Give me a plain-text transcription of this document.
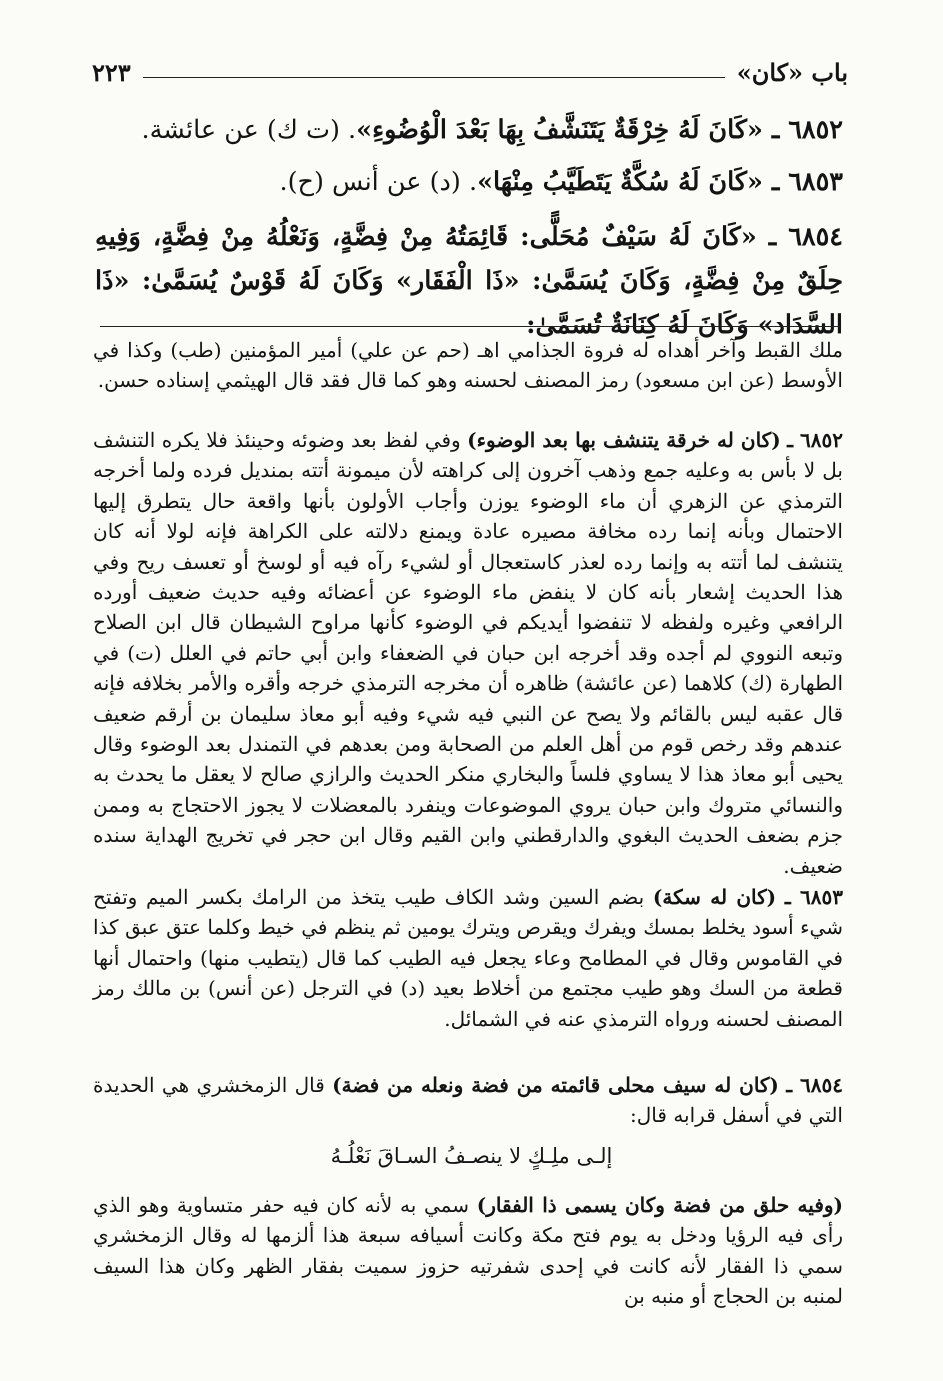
باب «كان»
٢٢٣
٦٨٥٢ ـ «كَانَ لَهُ خِرْقَةٌ يَتَنَشَّفُ بِهَا بَعْدَ الْوُضُوءِ». (ت ك) عن عائشة.
٦٨٥٣ ـ «كَانَ لَهُ سُكَّةٌ يَتَطَيَّبُ مِنْهَا». (د) عن أنس (ح).
٦٨٥٤ ـ «كَانَ لَهُ سَيْفٌ مُحَلًّى: قَائِمَتُهُ مِنْ فِضَّةٍ، وَنَعْلُهُ مِنْ فِضَّةٍ، وَفِيهِ حِلَقٌ مِنْ فِضَّةٍ، وَكَانَ يُسَمَّىٰ: «ذَا الْفَقَار» وَكَانَ لَهُ قَوْسٌ يُسَمَّىٰ: «ذَا السَّدَاد» وَكَانَ لَهُ كِنَانَةٌ تُسَمَّىٰ:

ملك القبط وآخر أهداه له فروة الجذامي اهـ (حم عن علي) أمير المؤمنين (طب) وكذا في الأوسط (عن ابن مسعود) رمز المصنف لحسنه وهو كما قال فقد قال الهيثمي إسناده حسن.

٦٨٥٢ ـ (كان له خرقة يتنشف بها بعد الوضوء) وفي لفظ بعد وضوئه وحينئذ فلا يكره التنشف بل لا بأس به وعليه جمع وذهب آخرون إلى كراهته لأن ميمونة أتته بمنديل فرده ولما أخرجه الترمذي عن الزهري أن ماء الوضوء يوزن وأجاب الأولون بأنها واقعة حال يتطرق إليها الاحتمال وبأنه إنما رده مخافة مصيره عادة ويمنع دلالته على الكراهة فإنه لولا أنه كان يتنشف لما أتته به وإنما رده لعذر كاستعجال أو لشيء رآه فيه أو لوسخ أو تعسف ريح وفي هذا الحديث إشعار بأنه كان لا ينفض ماء الوضوء عن أعضائه وفيه حديث ضعيف أورده الرافعي وغيره ولفظه لا تنفضوا أيديكم في الوضوء كأنها مراوح الشيطان قال ابن الصلاح وتبعه النووي لم أجده وقد أخرجه ابن حبان في الضعفاء وابن أبي حاتم في العلل (ت) في الطهارة (ك) كلاهما (عن عائشة) ظاهره أن مخرجه الترمذي خرجه وأقره والأمر بخلافه فإنه قال عقبه ليس بالقائم ولا يصح عن النبي فيه شيء وفيه أبو معاذ سليمان بن أرقم ضعيف عندهم وقد رخص قوم من أهل العلم من الصحابة ومن بعدهم في التمندل بعد الوضوء وقال يحيى أبو معاذ هذا لا يساوي فلساً والبخاري منكر الحديث والرازي صالح لا يعقل ما يحدث به والنسائي متروك وابن حبان يروي الموضوعات وينفرد بالمعضلات لا يجوز الاحتجاج به وممن جزم بضعف الحديث البغوي والدارقطني وابن القيم وقال ابن حجر في تخريج الهداية سنده ضعيف.

٦٨٥٣ ـ (كان له سكة) بضم السين وشد الكاف طيب يتخذ من الرامك بكسر الميم وتفتح شيء أسود يخلط بمسك ويفرك ويقرص ويترك يومين ثم ينظم في خيط وكلما عتق عبق كذا في القاموس وقال في المطامح وعاء يجعل فيه الطيب كما قال (يتطيب منها) واحتمال أنها قطعة من السك وهو طيب مجتمع من أخلاط بعيد (د) في الترجل (عن أنس) بن مالك رمز المصنف لحسنه ورواه الترمذي عنه في الشمائل.

٦٨٥٤ ـ (كان له سيف محلى قائمته من فضة ونعله من فضة) قال الزمخشري هي الحديدة التي في أسفل قرابه قال:

إلـى ملِـكٍ لا ينصـفُ السـاقَ نَعْلُـهُ

(وفيه حلق من فضة وكان يسمى ذا الفقار) سمي به لأنه كان فيه حفر متساوية وهو الذي رأى فيه الرؤيا ودخل به يوم فتح مكة وكانت أسيافه سبعة هذا ألزمها له وقال الزمخشري سمي ذا الفقار لأنه كانت في إحدى شفرتيه حزوز سميت بفقار الظهر وكان هذا السيف لمنبه بن الحجاج أو منبه بن
